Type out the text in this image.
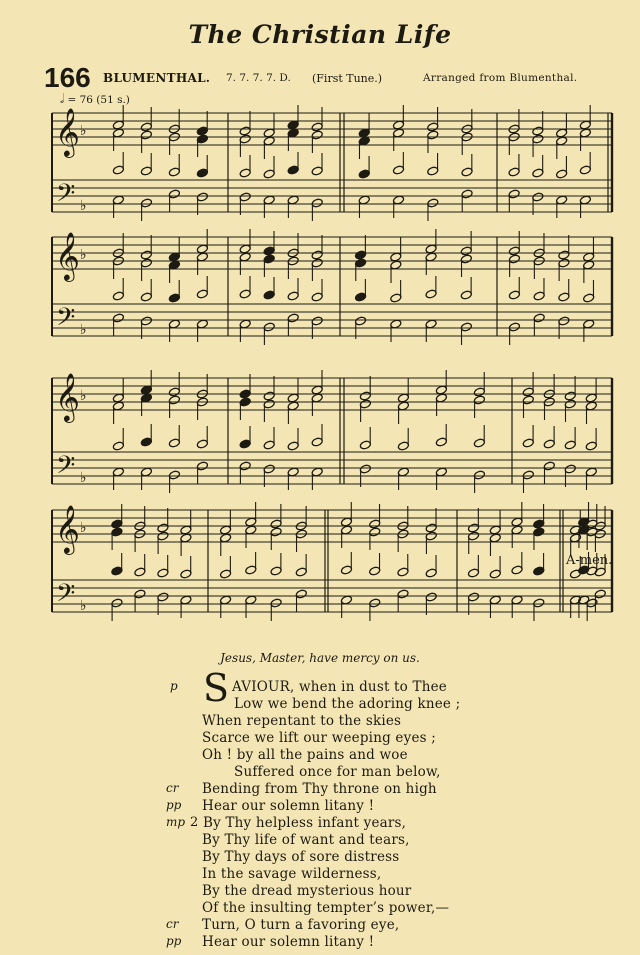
The Christian Life
166 BLUMENTHAL. 7. 7. 7. 7. D. (First Tune.)	Arranged from Blumenthal.
𝅗𝅥 = 76 (51 s.)
𝄞
𝄢
♭
♭
𝄞
𝄢
♭
♭
𝄞
𝄢
♭
♭
𝄞
𝄢
♭
♭
A-men.
Jesus, Master, have mercy on us.
S
p	AVIOUR, when in dust to Thee
Low we bend the adoring knee ;
When repentant to the skies
Scarce we lift our weeping eyes ;
Oh ! by all the pains and woe
Suffered once for man below,
cr Bending from Thy throne on high
pp Hear our solemn litany !
2
mp By Thy helpless infant years,
By Thy life of want and tears,
By Thy days of sore distress
In the savage wilderness,
By the dread mysterious hour
Of the insulting tempter’s power,—
cr Turn, O turn a favoring eye,
pp Hear our solemn litany !
